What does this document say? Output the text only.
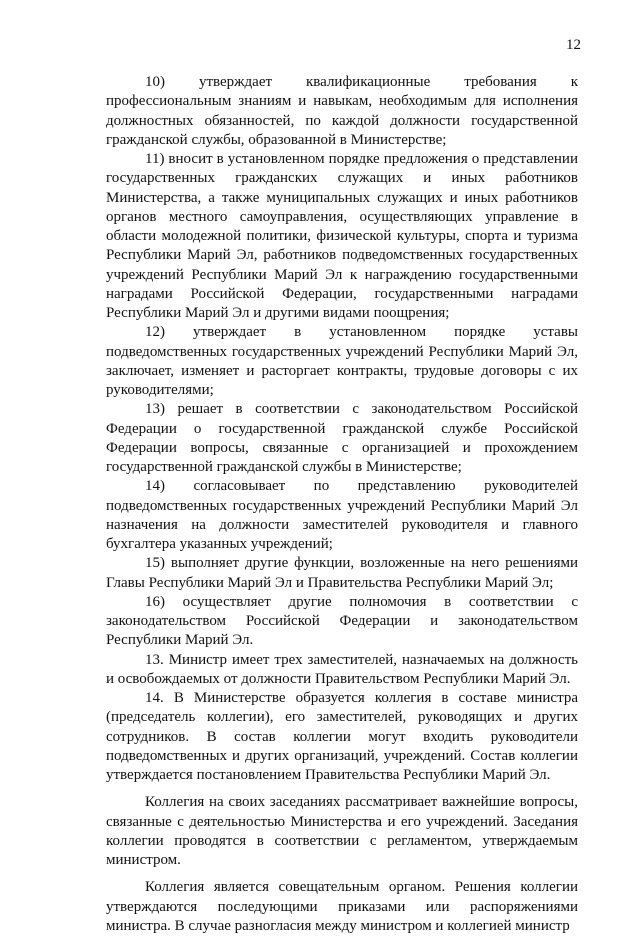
12

10) утверждает квалификационные требования к профессиональным знаниям и навыкам, необходимым для исполнения должностных обязанностей, по каждой должности государственной гражданской службы, образованной в Министерстве;

11) вносит в установленном порядке предложения о представлении государственных гражданских служащих и иных работников Министерства, а также муниципальных служащих и иных работников органов местного самоуправления, осуществляющих управление в области молодежной политики, физической культуры, спорта и туризма Республики Марий Эл, работников подведомственных государственных учреждений Республики Марий Эл к награждению государственными наградами Российской Федерации, государственными наградами Республики Марий Эл и другими видами поощрения;

12) утверждает в установленном порядке уставы подведомственных государственных учреждений Республики Марий Эл, заключает, изменяет и расторгает контракты, трудовые договоры с их руководителями;

13) решает в соответствии с законодательством Российской Федерации о государственной гражданской службе Российской Федерации вопросы, связанные с организацией и прохождением государственной гражданской службы в Министерстве;

14) согласовывает по представлению руководителей подведомственных государственных учреждений Республики Марий Эл назначения на должности заместителей руководителя и главного бухгалтера указанных учреждений;

15) выполняет другие функции, возложенные на него решениями Главы Республики Марий Эл и Правительства Республики Марий Эл;

16) осуществляет другие полномочия в соответствии с законодательством Российской Федерации и законодательством Республики Марий Эл.

13. Министр имеет трех заместителей, назначаемых на должность и освобождаемых от должности Правительством Республики Марий Эл.

14. В Министерстве образуется коллегия в составе министра (председатель коллегии), его заместителей, руководящих и других сотрудников. В состав коллегии могут входить руководители подведомственных и других организаций, учреждений. Состав коллегии утверждается постановлением Правительства Республики Марий Эл.

Коллегия на своих заседаниях рассматривает важнейшие вопросы, связанные с деятельностью Министерства и его учреждений. Заседания коллегии проводятся в соответствии с регламентом, утверждаемым министром.

Коллегия является совещательным органом. Решения коллегии утверждаются последующими приказами или распоряжениями министра. В случае разногласия между министром и коллегией министр
